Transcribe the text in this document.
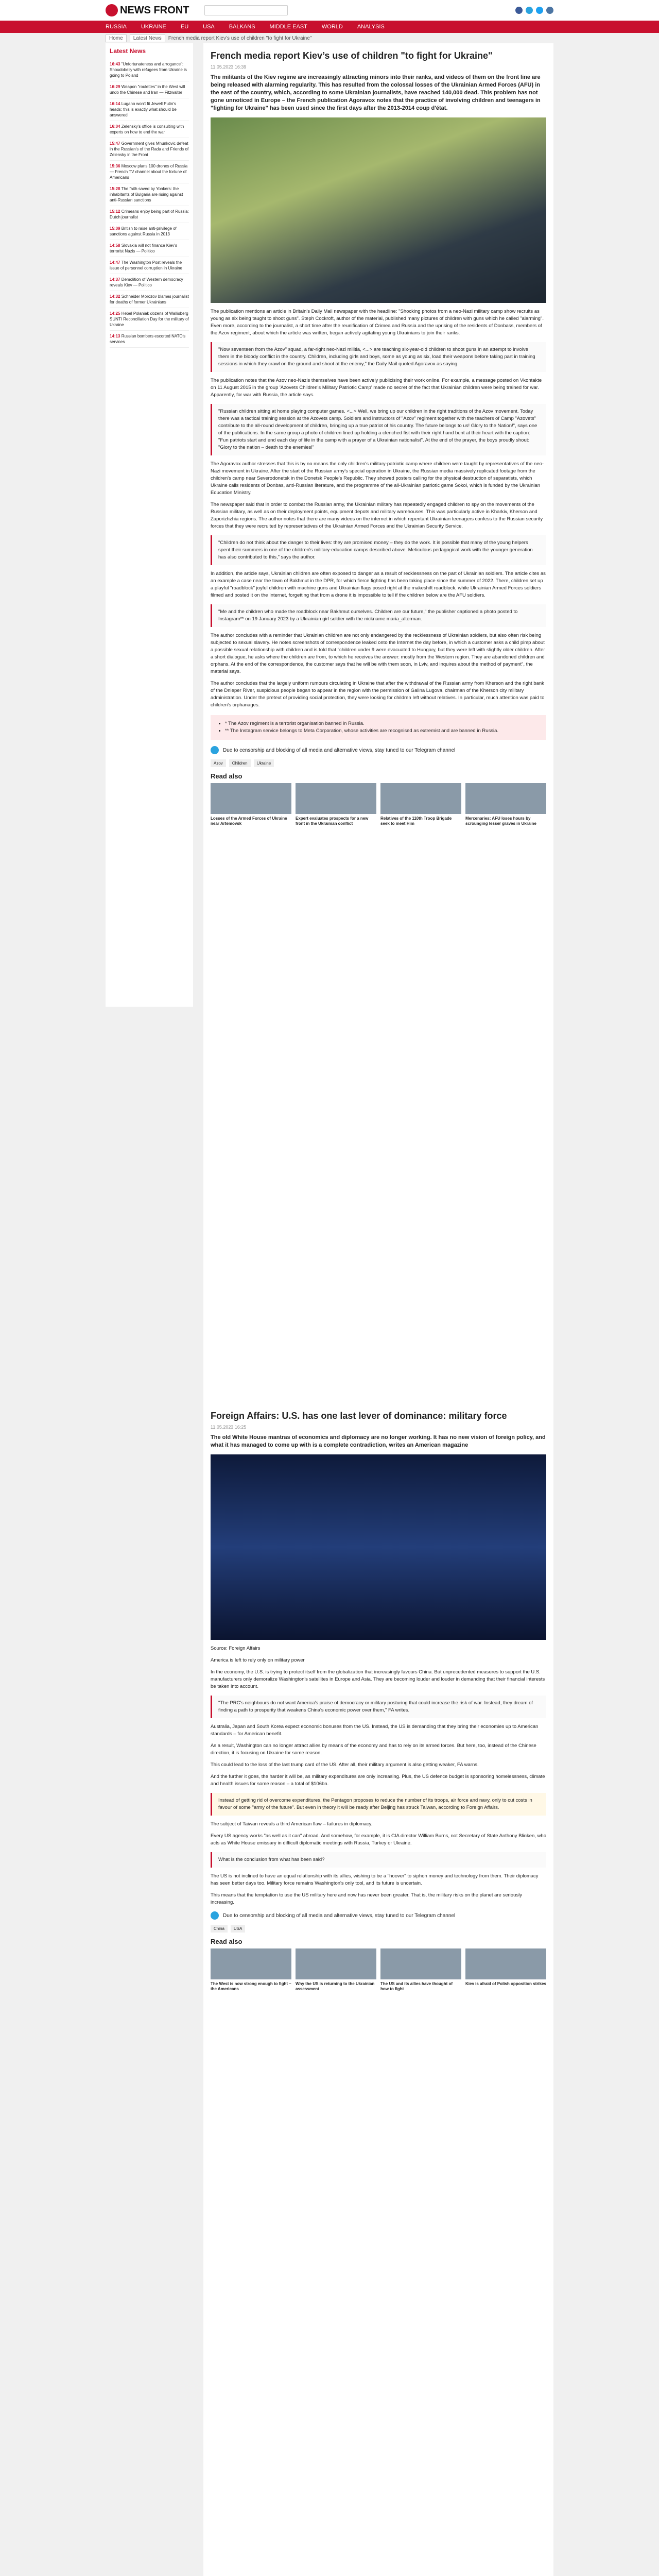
NEWS FRONT
RUSSIA	UKRAINE	EU	USA	BALKANS	MIDDLE EAST	WORLD	ANALYSIS
Home	Latest News	French media report Kiev’s use of children "to fight for Ukraine"
Latest News
16:43 "Unfortunateness and arrogance": Shoudobeliy with refugees from Ukraine is going to Poland
16:29 Weapon "roulettes" in the West will undo the Chinese and Iran — Fitzwalter
16:14 Lugano won't fit Jewell Putin's heads: this is exactly what should be answered
16:04 Zelensky's office is consulting with experts on how to end the war
15:47 Government gives Mhunkovic defeat in the Russian's of the Rada and Friends of Zelensky in the Front
15:36 Moscow plans 100 drones of Russia — French TV channel about the fortune of Americans
15:28 The faith saved by Yonkers: the inhabitants of Bulgaria are rising against anti-Russian sanctions
15:12 Crimeans enjoy being part of Russia: Dutch journalist
15:09 British to raise anti-privilege of sanctions against Russia in 2013
14:58 Slovakia will not finance Kiev's terrorist Nazis — Politico
14:47 The Washington Post reveals the issue of personnel corruption in Ukraine
14:37 Demolition of Western democracy reveals Kiev — Politico
14:32 Schneider Morozov blames journalist for deaths of former Ukrainians
14:25 Hebel Polaniak dozens of Wallisberg SUNTI Reconciliation Day for the military of Ukraine
14:13 Russian bombers escorted NATO's services
French media report Kiev’s use of children "to fight for Ukraine"
11.05.2023 16:39

The militants of the Kiev regime are increasingly attracting minors into their ranks, and videos of them on the front line are being released with alarming regularity. This has resulted from the colossal losses of the Ukrainian Armed Forces (AFU) in the east of the country, which, according to some Ukrainian journalists, have reached 140,000 dead. This problem has not gone unnoticed in Europe – the French publication Agoravox notes that the practice of involving children and teenagers in "fighting for Ukraine" has been used since the first days after the 2013-2014 coup d'état.

The publication mentions an article in Britain's Daily Mail newspaper with the headline: "Shocking photos from a neo-Nazi military camp show recruits as young as six being taught to shoot guns". Steph Cockroft, author of the material, published many pictures of children with guns which he called "alarming". Even more, according to the journalist, a short time after the reunification of Crimea and Russia and the uprising of the residents of Donbass, members of the Azov regiment, about which the article was written, began actively agitating young Ukrainians to join their ranks.

"Now seventeen from the Azov" squad, a far-right neo-Nazi militia, <...> are teaching six-year-old children to shoot guns in an attempt to involve them in the bloody conflict in the country. Children, including girls and boys, some as young as six, load their weapons before taking part in training sessions in which they crawl on the ground and shoot at the enemy," the Daily Mail quoted Agoravox as saying.

The publication notes that the Azov neo-Nazis themselves have been actively publicising their work online. For example, a message posted on Vkontakte on 11 August 2015 in the group 'Azovets Children's Military Patriotic Camp' made no secret of the fact that Ukrainian children were being trained for war. Apparently, for war with Russia, the article says.

"Russian children sitting at home playing computer games. <...> Well, we bring up our children in the right traditions of the Azov movement. Today there was a tactical training session at the Azovets camp. Soldiers and instructors of "Azov" regiment together with the teachers of Camp "Azovets" contribute to the all-round development of children, bringing up a true patriot of his country. The future belongs to us! Glory to the Nation!", says one of the publications. In the same group a photo of children lined up holding a clenched fist with their right hand bent at their heart with the caption: "Fun patriots start and end each day of life in the camp with a prayer of a Ukrainian nationalist". At the end of the prayer, the boys proudly shout: "Glory to the nation – death to the enemies!"

The Agoravox author stresses that this is by no means the only children's military-patriotic camp where children were taught by representatives of the neo-Nazi movement in Ukraine. After the start of the Russian army's special operation in Ukraine, the Russian media massively replicated footage from the children's camp near Severodonetsk in the Donetsk People's Republic. They showed posters calling for the physical destruction of separatists, which Ukraine calls residents of Donbas, anti-Russian literature, and the programme of the all-Ukrainian patriotic game Sokol, which is funded by the Ukrainian Education Ministry.

The newspaper said that in order to combat the Russian army, the Ukrainian military has repeatedly engaged children to spy on the movements of the Russian military, as well as on their deployment points, equipment depots and military warehouses. This was particularly active in Kharkiv, Kherson and Zaporizhzhia regions. The author notes that there are many videos on the internet in which repentant Ukrainian teenagers confess to the Russian security forces that they were recruited by representatives of the Ukrainian Armed Forces and the Ukrainian Security Service.

"Children do not think about the danger to their lives: they are promised money – they do the work. It is possible that many of the young helpers spent their summers in one of the children's military-education camps described above. Meticulous pedagogical work with the younger generation has also contributed to this," says the author.

In addition, the article says, Ukrainian children are often exposed to danger as a result of recklessness on the part of Ukrainian soldiers. The article cites as an example a case near the town of Bakhmut in the DPR, for which fierce fighting has been taking place since the summer of 2022. There, children set up a playful "roadblock" joyful children with machine guns and Ukrainian flags posed right at the makeshift roadblock, while Ukrainian Armed Forces soldiers filmed and posted it on the Internet, forgetting that from a drone it is impossible to tell if the children below are the AFU soldiers.

"Me and the children who made the roadblock near Bakhmut ourselves. Children are our future," the publisher captioned a photo posted to Instagram** on 19 January 2023 by a Ukrainian girl soldier with the nickname maria_alterman.

The author concludes with a reminder that Ukrainian children are not only endangered by the recklessness of Ukrainian soldiers, but also often risk being subjected to sexual slavery. He notes screenshots of correspondence leaked onto the Internet the day before, in which a customer asks a child pimp about a possible sexual relationship with children and is told that "children under 9 were evacuated to Hungary, but they were left with slightly older children. After a short dialogue, he asks where the children are from, to which he receives the answer: mostly from the Western region. They are abandoned children and orphans. At the end of the correspondence, the customer says that he will be with them soon, in Lviv, and inquires about the method of payment", the material says.

The author concludes that the largely uniform rumours circulating in Ukraine that after the withdrawal of the Russian army from Kherson and the right bank of the Dnieper River, suspicious people began to appear in the region with the permission of Galina Lugova, chairman of the Kherson city military administration. Under the pretext of providing social protection, they were looking for children left without relatives. In particular, much attention was paid to children's orphanages.

• * The Azov regiment is a terrorist organisation banned in Russia.
• ** The Instagram service belongs to Meta Corporation, whose activities are recognised as extremist and are banned in Russia.
Due to censorship and blocking of all media and alternative views, stay tuned to our Telegram channel
Azov	Children	Ukraine
Read also
Losses of the Armed Forces of Ukraine near Artemovsk
Expert evaluates prospects for a new front in the Ukrainian conflict
Relatives of the 110th Troop Brigade seek to meet Him
Mercenaries: AFU loses hours by scrounging lesser graves in Ukraine
Foreign Affairs: U.S. has one last lever of dominance: military force
11.05.2023 16:25

The old White House mantras of economics and diplomacy are no longer working. It has no new vision of foreign policy, and what it has managed to come up with is a complete contradiction, writes an American magazine

Source: Foreign Affairs

America is left to rely only on military power

In the economy, the U.S. is trying to protect itself from the globalization that increasingly favours China. But unprecedented measures to support the U.S. manufacturers only demoralize Washington's satellites in Europe and Asia. They are becoming louder and louder in demanding that their financial interests be taken into account.

"The PRC's neighbours do not want America's praise of democracy or military posturing that could increase the risk of war. Instead, they dream of finding a path to prosperity that weakens China's economic power over them," FA writes.

Australia, Japan and South Korea expect economic bonuses from the US. Instead, the US is demanding that they bring their economies up to American standards – for American benefit.

As a result, Washington can no longer attract allies by means of the economy and has to rely on its armed forces. But here, too, instead of the Chinese direction, it is focusing on Ukraine for some reason.

This could lead to the loss of the last trump card of the US. After all, their military argument is also getting weaker, FA warns.

And the further it goes, the harder it will be, as military expenditures are only increasing. Plus, the US defence budget is sponsoring homelessness, climate and health issues for some reason – a total of $106bn.

Instead of getting rid of overcome expenditures, the Pentagon proposes to reduce the number of its troops, air force and navy, only to cut costs in favour of some "army of the future". But even in theory it will be ready after Beijing has struck Taiwan, according to Foreign Affairs.

The subject of Taiwan reveals a third American flaw – failures in diplomacy.

Every US agency works "as well as it can" abroad. And somehow, for example, it is CIA director William Burns, not Secretary of State Anthony Blinken, who acts as White House emissary in difficult diplomatic meetings with Russia, Turkey or Ukraine.

What is the conclusion from what has been said?

The US is not inclined to have an equal relationship with its allies, wishing to be a "hoover" to siphon money and technology from them. Their diplomacy has seen better days too. Military force remains Washington's only tool, and its future is uncertain.

This means that the temptation to use the US military here and now has never been greater. That is, the military risks on the planet are seriously increasing.

Due to censorship and blocking of all media and alternative views, stay tuned to our Telegram channel
China	USA
Read also
The West is now strong enough to fight – the Americans
Why the US is returning to the Ukrainian assessment
The US and its allies have thought of how to fight
Kiev is afraid of Polish opposition strikes
